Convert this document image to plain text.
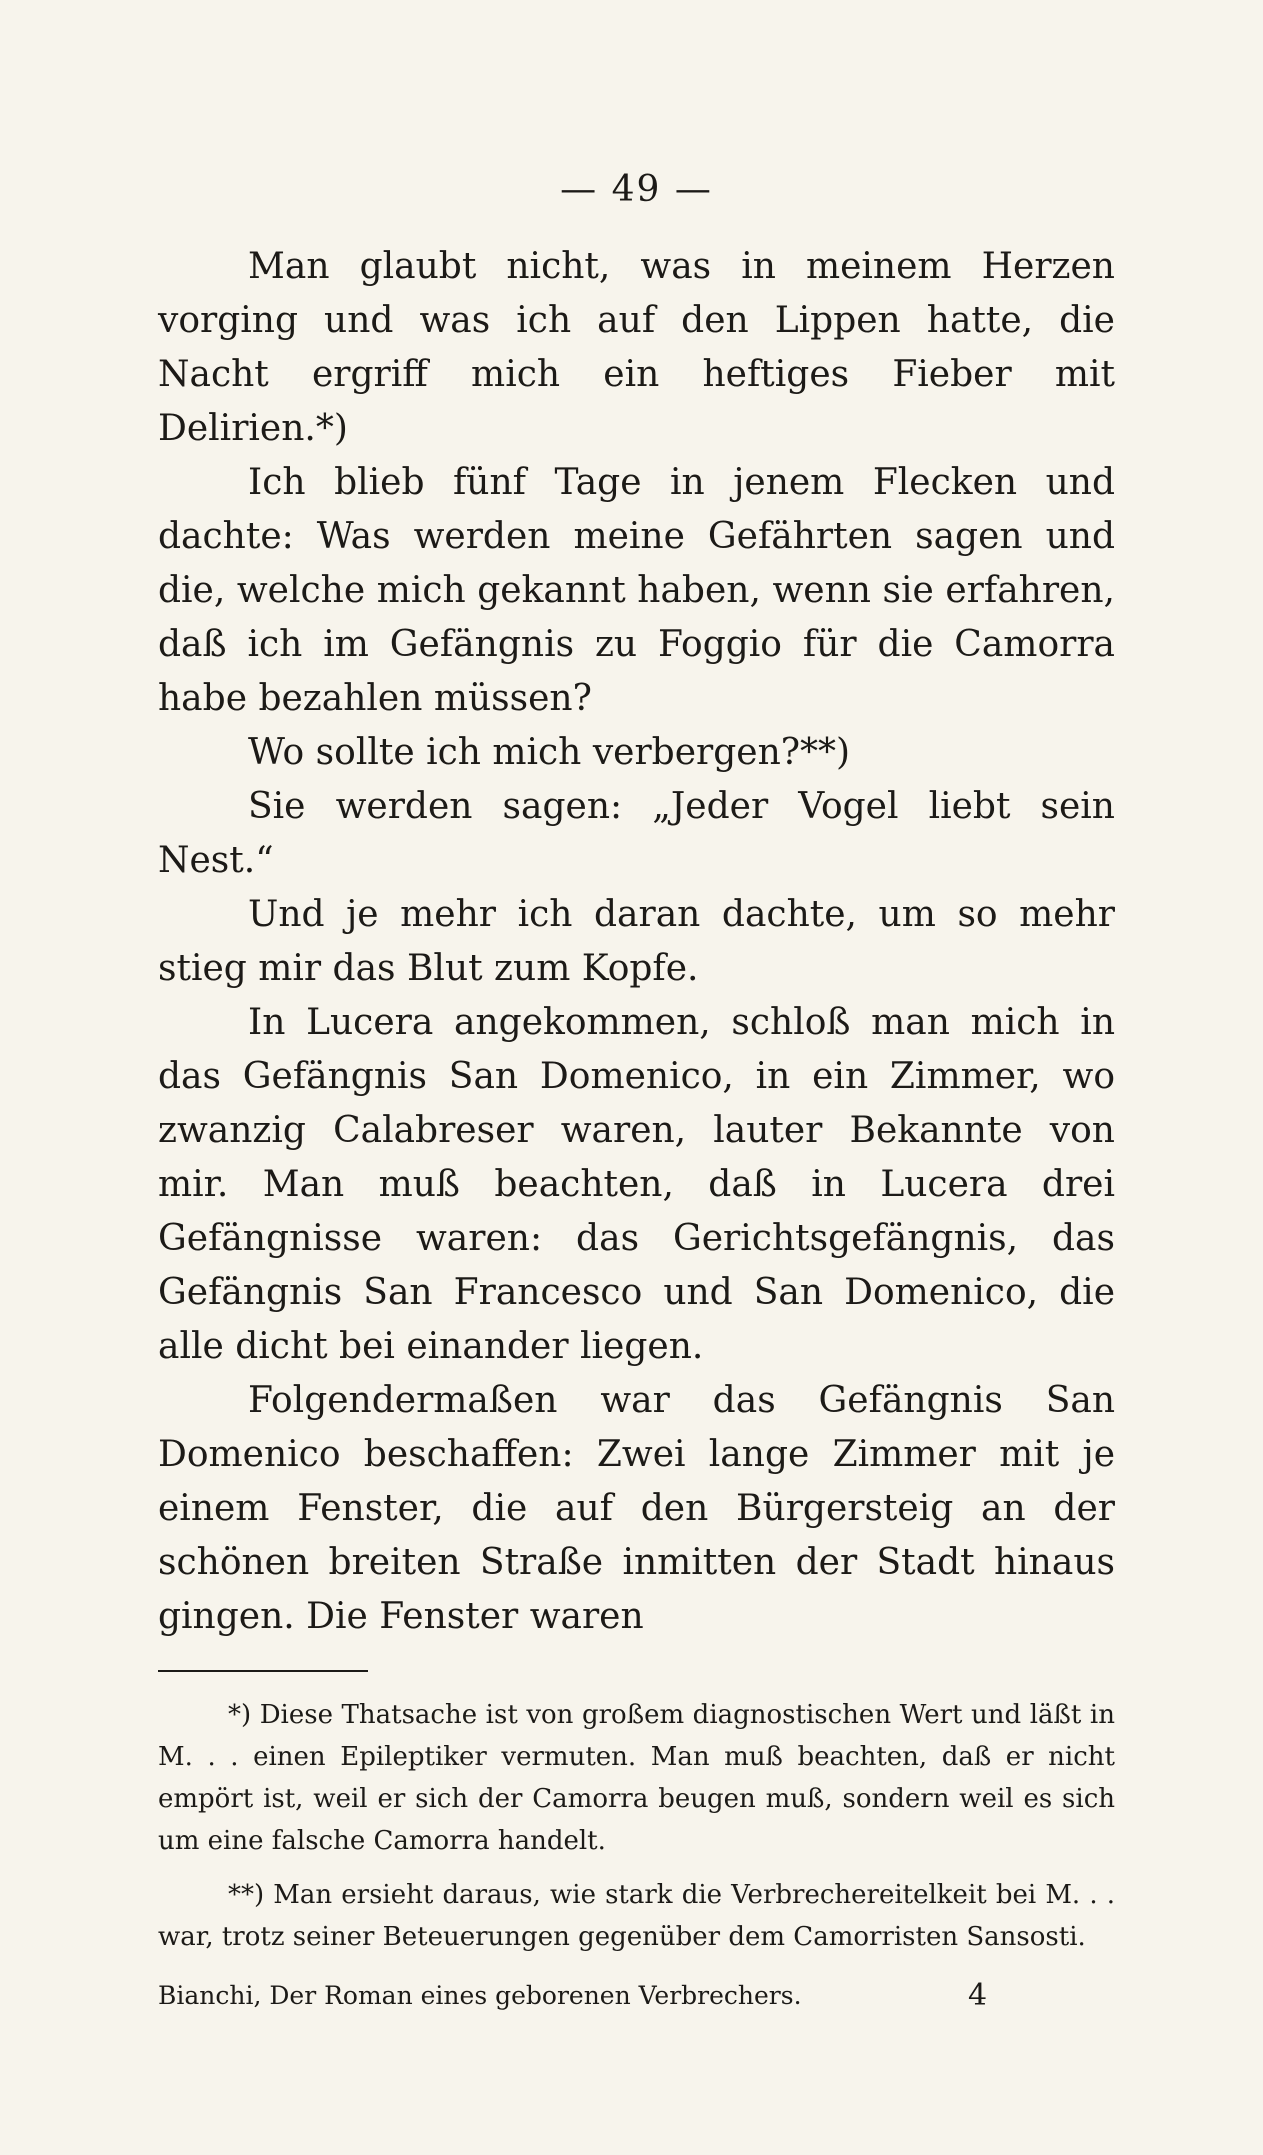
— 49 —

Man glaubt nicht, was in meinem Herzen vorging und was ich auf den Lippen hatte, die Nacht ergriff mich ein heftiges Fieber mit Delirien.*)

Ich blieb fünf Tage in jenem Flecken und dachte: Was werden meine Gefährten sagen und die, welche mich gekannt haben, wenn sie erfahren, daß ich im Gefängnis zu Foggio für die Camorra habe bezahlen müssen?

Wo sollte ich mich verbergen?**)

Sie werden sagen: „Jeder Vogel liebt sein Nest.“

Und je mehr ich daran dachte, um so mehr stieg mir das Blut zum Kopfe.

In Lucera angekommen, schloß man mich in das Gefängnis San Domenico, in ein Zimmer, wo zwanzig Calabreser waren, lauter Bekannte von mir. Man muß beachten, daß in Lucera drei Gefängnisse waren: das Gerichtsgefängnis, das Gefängnis San Francesco und San Domenico, die alle dicht bei einander liegen.

Folgendermaßen war das Gefängnis San Domenico beschaffen: Zwei lange Zimmer mit je einem Fenster, die auf den Bürgersteig an der schönen breiten Straße inmitten der Stadt hinaus gingen. Die Fenster waren

*) Diese Thatsache ist von großem diagnostischen Wert und läßt in M. . . einen Epileptiker vermuten. Man muß beachten, daß er nicht empört ist, weil er sich der Camorra beugen muß, sondern weil es sich um eine falsche Camorra handelt.

**) Man ersieht daraus, wie stark die Verbrechereitelkeit bei M. . . war, trotz seiner Beteuerungen gegenüber dem Camorristen Sansosti.

Bianchi, Der Roman eines geborenen Verbrechers.	4
